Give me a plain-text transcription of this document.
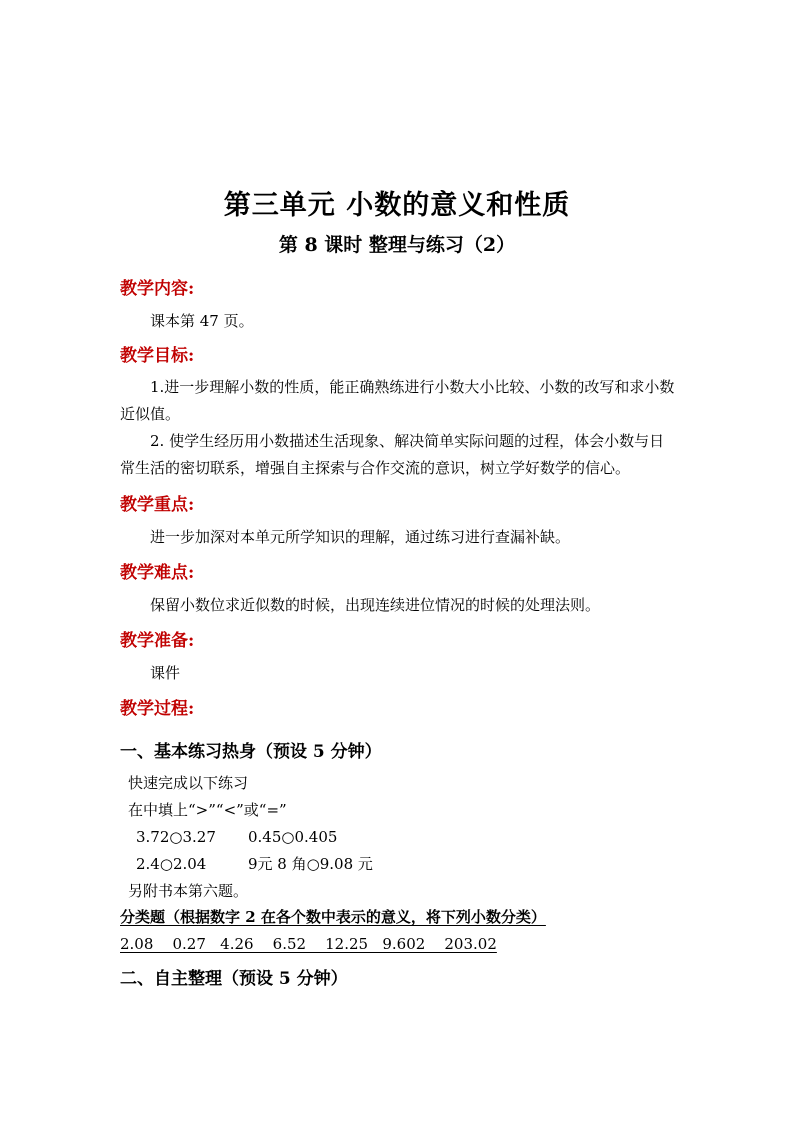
第三单元 小数的意义和性质
第 8 课时 整理与练习（2）
教学内容:
课本第 47 页。
教学目标:
1.进一步理解小数的性质，能正确熟练进行小数大小比较、小数的改写和求小数近似值。
2. 使学生经历用小数描述生活现象、解决简单实际问题的过程，体会小数与日常生活的密切联系，增强自主探索与合作交流的意识，树立学好数学的信心。
教学重点:
进一步加深对本单元所学知识的理解，通过练习进行查漏补缺。
教学难点:
保留小数位求近似数的时候，出现连续进位情况的时候的处理法则。
教学准备:
课件
教学过程:
一、基本练习热身（预设 5 分钟）
快速完成以下练习
在中填上“>”“<”或“=”
3.72○3.27 0.45○0.405
2.4○2.04	9元 8 角○9.08 元
另附书本第六题。
分类题（根据数字 2 在各个数中表示的意义，将下列小数分类）
2.08    0.27   4.26    6.52    12.25   9.602    203.02
二、自主整理（预设 5 分钟）
